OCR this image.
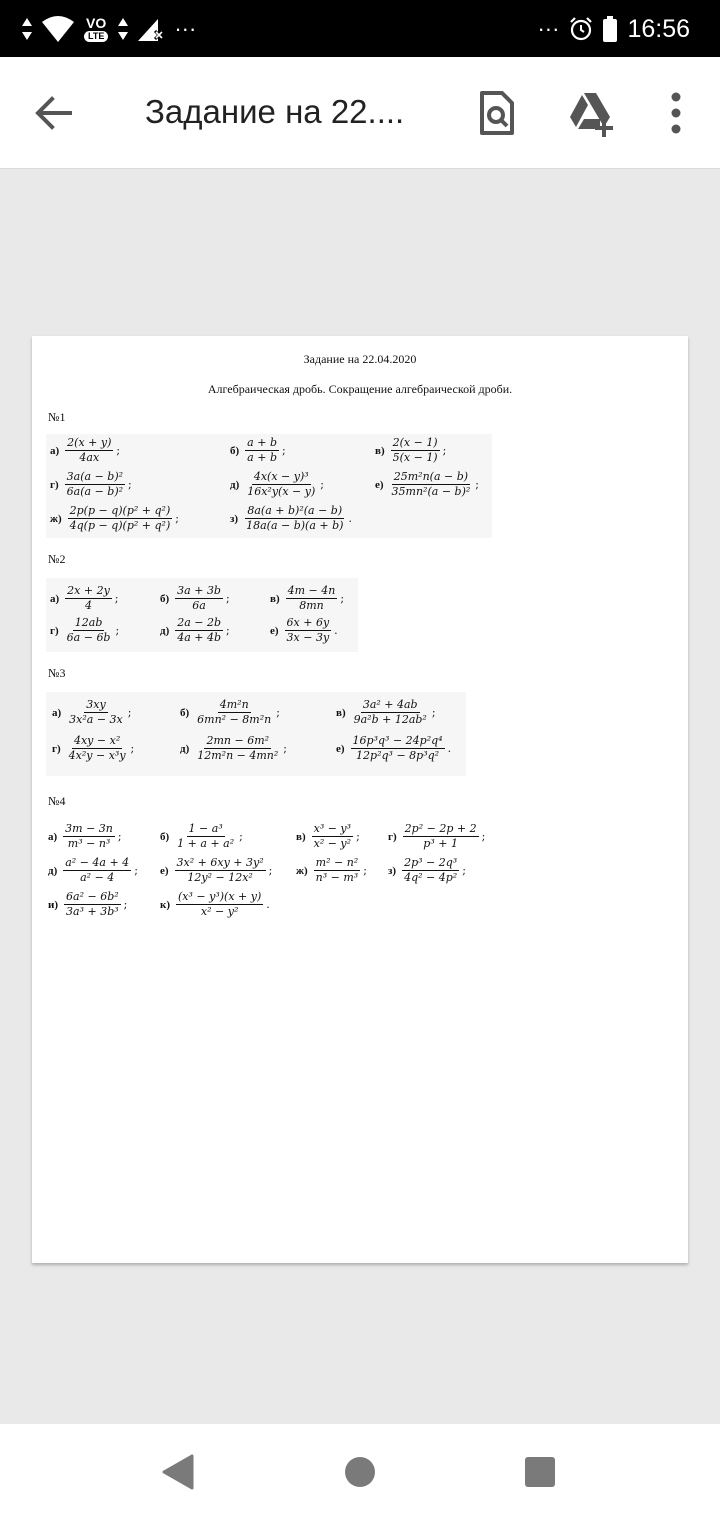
VO
LTE	···	···	16:56
Задание на 22....
Задание на 22.04.2020
Алгебраическая дробь. Сокращение алгебраической дроби.
№1
$а) \frac{2(x + y)}{4ax}$ ;	$б) \frac{a + b}{a + b}$ ;	$в) \frac{2(x - 1)}{5(x - 1)}$ ;
$г) \frac{\text{3a(a − b)²}}{\text{6a(a − b)²}}$ ;	$д) \frac{\text{4x(x − y)³}}{\text{16x²y(x − y)}}$ ;	$е) \frac{\text{25m²n(a − b)}}{\text{35mn²(a − b)²}}$ ;
$ж) \frac{\text{2p(p − q)(p² + q²)}}{\text{4q(p − q)(p² + q²)}}$ ;	$з) \frac{\text{8a(a + b)²(a − b)}}{18a(a - b)(a + b)}$ .
№2
$а) \frac{2x + 2y}{4}$ ;	$б) \frac{3a + 3b}{6a}$ ;	$в) \frac{4m - 4n}{8mn}$ ;
$г) \frac{12ab}{6a - 6b}$ ;	$д) \frac{2a - 2b}{4a + 4b}$ ;	$е) \frac{6x + 6y}{3x - 3y}$ .
№3
$а) \frac{3xy}{\text{3x²a − 3x}}$ ;	$б) \frac{\text{4m²n}}{\text{6mn² − 8m²n}}$ ;	$в) \frac{\text{3a² + 4ab}}{\text{9a²b + 12ab²}}$ ;
$г) \frac{\text{4xy − x²}}{\text{4x²y − x³y}}$ ;	$д) \frac{\text{2mn − 6m²}}{\text{12m²n − 4mn²}}$ ;	$е) \frac{\text{16p³q³ − 24p²q⁴}}{\text{12p²q³ − 8p³q²}}$ .
№4
$а) \frac{3m - 3n}{\text{m³ − n³}}$ ;	$б) \frac{\text{1 − a³}}{\text{1 + a + a²}}$ ;	$в) \frac{\text{x³ − y³}}{\text{x² − y²}}$ ;	$г) \frac{\text{2p² − 2p + 2}}{\text{p³ + 1}}$ ;
$д) \frac{\text{a² − 4a + 4}}{\text{a² − 4}}$ ; $е) \frac{\text{3x² + 6xy + 3y²}}{\text{12y² − 12x²}}$ ; $ж) \frac{\text{m² − n²}}{\text{n³ − m³}}$ ; $з) \frac{\text{2p³ − 2q³}}{\text{4q² − 4p²}}$ ;
$и) \frac{\text{6a² − 6b²}}{\text{3a³ + 3b³}}$ ;	$к) \frac{\text{(x³ − y³)(x + y)}}{\text{x² − y²}}$ .
